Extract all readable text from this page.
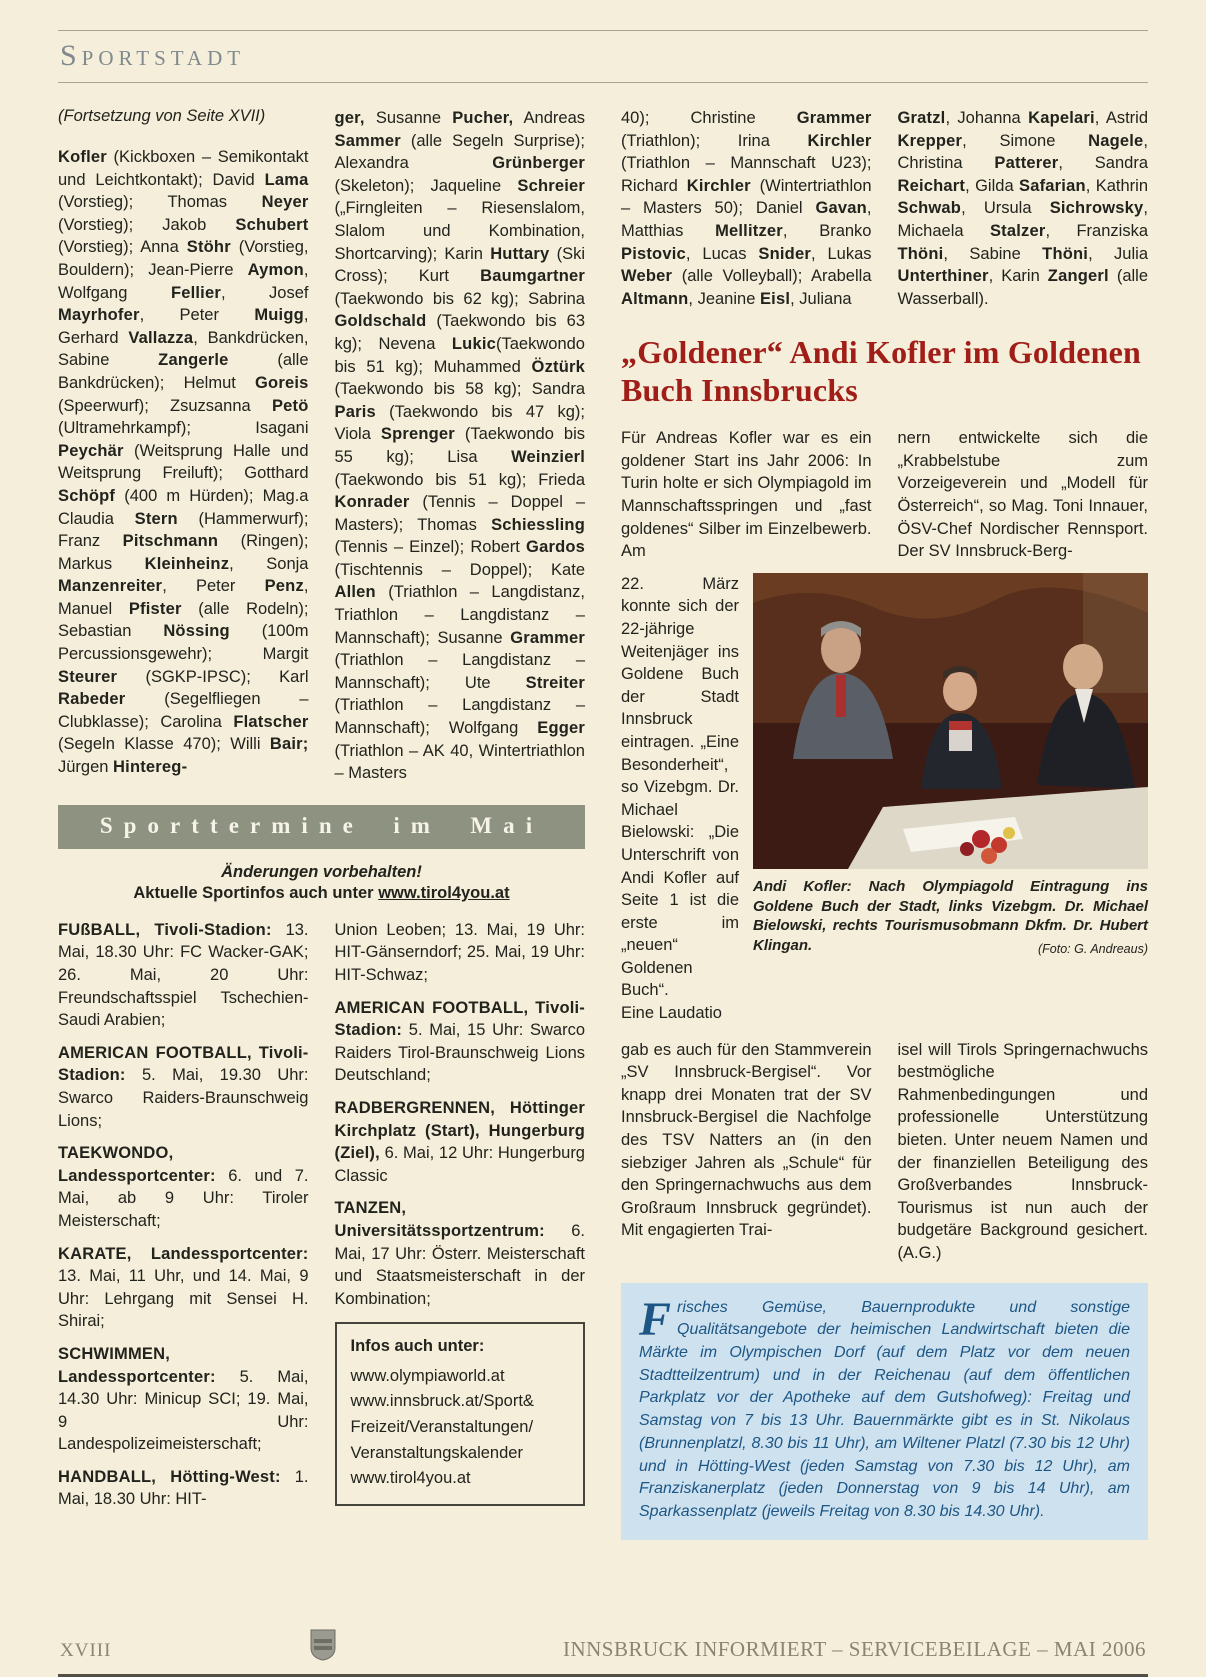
Sportstadt

(Fortsetzung von Seite XVII)

Kofler (Kickboxen – Semikontakt und Leichtkontakt); David Lama (Vorstieg); Thomas Neyer (Vorstieg); Jakob Schubert (Vorstieg); Anna Stöhr (Vorstieg, Bouldern); Jean-Pierre Aymon, Wolfgang Fellier, Josef Mayrhofer, Peter Muigg, Gerhard Vallazza, Bankdrücken, Sabine Zangerle (alle Bankdrücken); Helmut Goreis (Speerwurf); Zsuzsanna Petö (Ultramehrkampf); Isagani Peychär (Weitsprung Halle und Weitsprung Freiluft); Gotthard Schöpf (400 m Hürden); Mag.a Claudia Stern (Hammerwurf); Franz Pitschmann (Ringen); Markus Kleinheinz, Sonja Manzenreiter, Peter Penz, Manuel Pfister (alle Rodeln); Sebastian Nössing (100m Percussionsgewehr); Margit Steurer (SGKP-IPSC); Karl Rabeder (Segelfliegen – Clubklasse); Carolina Flatscher (Segeln Klasse 470); Willi Bair; Jürgen Hintereg-

ger, Susanne Pucher, Andreas Sammer (alle Segeln Surprise); Alexandra Grünberger (Skeleton); Jaqueline Schreier („Firngleiten – Riesenslalom, Slalom und Kombination, Shortcarving); Karin Huttary (Ski Cross); Kurt Baumgartner (Taekwondo bis 62 kg); Sabrina Goldschald (Taekwondo bis 63 kg); Nevena Lukic(Taekwondo bis 51 kg); Muhammed Öztürk (Taekwondo bis 58 kg); Sandra Paris (Taekwondo bis 47 kg); Viola Sprenger (Taekwondo bis 55 kg); Lisa Weinzierl (Taekwondo bis 51 kg); Frieda Konrader (Tennis – Doppel – Masters); Thomas Schiessling (Tennis – Einzel); Robert Gardos (Tischtennis – Doppel); Kate Allen (Triathlon – Langdistanz, Triathlon – Langdistanz – Mannschaft); Susanne Grammer (Triathlon – Langdistanz – Mannschaft); Ute Streiter (Triathlon – Langdistanz – Mannschaft); Wolfgang Egger (Triathlon – AK 40, Wintertriathlon – Masters

Sporttermine im Mai

Änderungen vorbehalten!

Aktuelle Sportinfos auch unter www.tirol4you.at

FUßBALL, Tivoli-Stadion: 13. Mai, 18.30 Uhr: FC Wacker-GAK; 26. Mai, 20 Uhr: Freundschaftsspiel Tschechien-Saudi Arabien;

AMERICAN FOOTBALL, Tivoli-Stadion: 5. Mai, 19.30 Uhr: Swarco Raiders-Braunschweig Lions;

TAEKWONDO, Landessportcenter: 6. und 7. Mai, ab 9 Uhr: Tiroler Meisterschaft;

KARATE, Landessportcenter: 13. Mai, 11 Uhr, und 14. Mai, 9 Uhr: Lehrgang mit Sensei H. Shirai;

SCHWIMMEN, Landessportcenter: 5. Mai, 14.30 Uhr: Minicup SCI; 19. Mai, 9 Uhr: Landespolizeimeisterschaft;

HANDBALL, Hötting-West: 1. Mai, 18.30 Uhr: HIT-

Union Leoben; 13. Mai, 19 Uhr: HIT-Gänserndorf; 25. Mai, 19 Uhr: HIT-Schwaz;

AMERICAN FOOTBALL, Tivoli-Stadion: 5. Mai, 15 Uhr: Swarco Raiders Tirol-Braunschweig Lions Deutschland;

RADBERGRENNEN, Höttinger Kirchplatz (Start), Hungerburg (Ziel), 6. Mai, 12 Uhr: Hungerburg Classic

TANZEN, Universitätssportzentrum: 6. Mai, 17 Uhr: Österr. Meisterschaft und Staatsmeisterschaft in der Kombination;

Infos auch unter:
www.olympiaworld.at
www.innsbruck.at/Sport&
Freizeit/Veranstaltungen/
Veranstaltungskalender
www.tirol4you.at

40); Christine Grammer (Triathlon); Irina Kirchler (Triathlon – Mannschaft U23); Richard Kirchler (Wintertriathlon – Masters 50); Daniel Gavan, Matthias Mellitzer, Branko Pistovic, Lucas Snider, Lukas Weber (alle Volleyball); Arabella Altmann, Jeanine Eisl, Juliana

Gratzl, Johanna Kapelari, Astrid Krepper, Simone Nagele, Christina Patterer, Sandra Reichart, Gilda Safarian, Kathrin Schwab, Ursula Sichrowsky, Michaela Stalzer, Franziska Thöni, Sabine Thöni, Julia Unterthiner, Karin Zangerl (alle Wasserball).

„Goldener“ Andi Kofler im Goldenen Buch Innsbrucks

Für Andreas Kofler war es ein goldener Start ins Jahr 2006: In Turin holte er sich Olympiagold im Mannschaftsspringen und „fast goldenes“ Silber im Einzelbewerb. Am

nern entwickelte sich die „Krabbelstube zum Vorzeigeverein und „Modell für Österreich“, so Mag. Toni Innauer, ÖSV-Chef Nordischer Rennsport. Der SV Innsbruck-Berg-

22. März konnte sich der 22-jährige Weitenjäger ins Goldene Buch der Stadt Innsbruck eintragen. „Eine Besonderheit“, so Vizebgm. Dr. Michael Bielowski: „Die Unterschrift von Andi Kofler auf Seite 1 ist die erste im „neuen“ Goldenen Buch“.
Eine Laudatio

Andi Kofler: Nach Olympiagold Eintragung ins Goldene Buch der Stadt, links Vizebgm. Dr. Michael Bielowski, rechts Tourismusobmann Dkfm. Dr. Hubert Klingan.	(Foto: G. Andreaus)

gab es auch für den Stammverein „SV Innsbruck-Bergisel“. Vor knapp drei Monaten trat der SV Innsbruck-Bergisel die Nachfolge des TSV Natters an (in den siebziger Jahren als „Schule“ für den Springernachwuchs aus dem Großraum Innsbruck gegründet). Mit engagierten Trai-

isel will Tirols Springernachwuchs bestmögliche Rahmenbedingungen und professionelle Unterstützung bieten. Unter neuem Namen und der finanziellen Beteiligung des Großverbandes Innsbruck-Tourismus ist nun auch der budgetäre Background gesichert. (A.G.)

F risches Gemüse, Bauernprodukte und sonstige Qualitätsangebote der heimischen Landwirtschaft bieten die Märkte im Olympischen Dorf (auf dem Platz vor dem neuen Stadtteilzentrum) und in der Reichenau (auf dem öffentlichen Parkplatz vor der Apotheke auf dem Gutshofweg): Freitag und Samstag von 7 bis 13 Uhr. Bauernmärkte gibt es in St. Nikolaus (Brunnenplatzl, 8.30 bis 11 Uhr), am Wiltener Platzl (7.30 bis 12 Uhr) und in Hötting-West (jeden Samstag von 7.30 bis 12 Uhr), am Franziskanerplatz (jeden Donnerstag von 9 bis 14 Uhr), am Sparkassenplatz (jeweils Freitag von 8.30 bis 14.30 Uhr).
XVIII	INNSBRUCK INFORMIERT – SERVICEBEILAGE – MAI 2006
